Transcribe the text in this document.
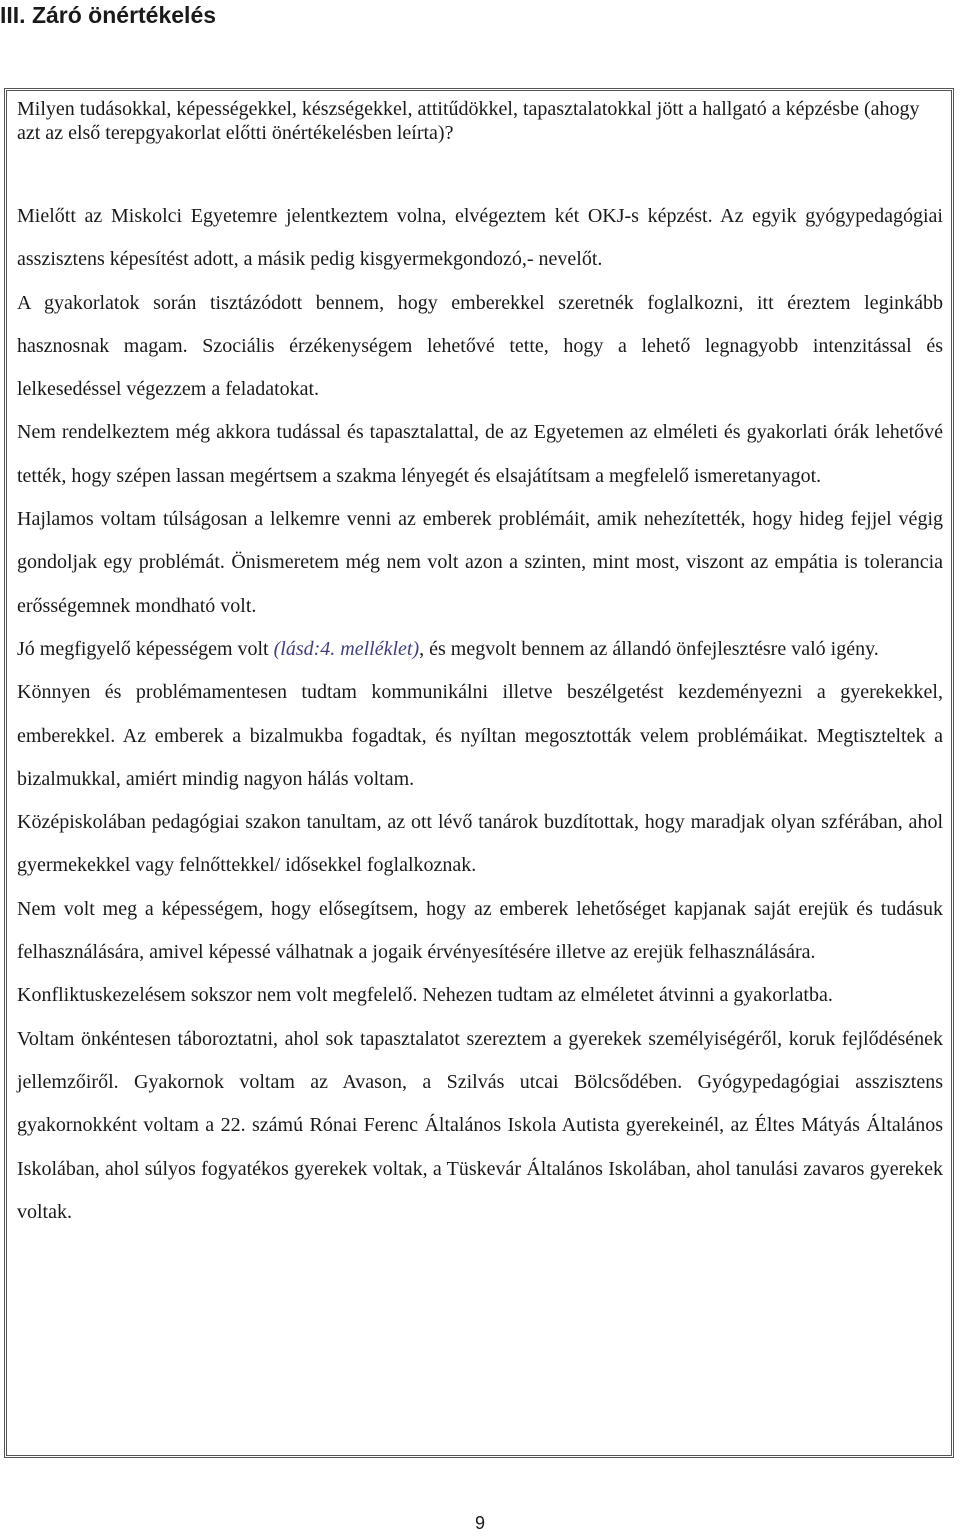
III. Záró önértékelés

Milyen tudásokkal, képességekkel, készségekkel, attitűdökkel, tapasztalatokkal jött a hallgató a képzésbe (ahogy azt az első terepgyakorlat előtti önértékelésben leírta)?

Mielőtt az Miskolci Egyetemre jelentkeztem volna, elvégeztem két OKJ-s képzést. Az egyik gyógypedagógiai asszisztens képesítést adott, a másik pedig kisgyermekgondozó,- nevelőt.

A gyakorlatok során tisztázódott bennem, hogy emberekkel szeretnék foglalkozni, itt éreztem leginkább hasznosnak magam. Szociális érzékenységem lehetővé tette, hogy a lehető legnagyobb intenzitással és lelkesedéssel végezzem a feladatokat.

Nem rendelkeztem még akkora tudással és tapasztalattal, de az Egyetemen az elméleti és gyakorlati órák lehetővé tették, hogy szépen lassan megértsem a szakma lényegét és elsajátítsam a megfelelő ismeretanyagot.

Hajlamos voltam túlságosan a lelkemre venni az emberek problémáit, amik nehezítették, hogy hideg fejjel végig gondoljak egy problémát. Önismeretem még nem volt azon a szinten, mint most, viszont az empátia is tolerancia erősségemnek mondható volt.

Jó megfigyelő képességem volt (lásd:4. melléklet), és megvolt bennem az állandó önfejlesztésre való igény.

Könnyen és problémamentesen tudtam kommunikálni illetve beszélgetést kezdeményezni a gyerekekkel, emberekkel. Az emberek a bizalmukba fogadtak, és nyíltan megosztották velem problémáikat. Megtiszteltek a bizalmukkal, amiért mindig nagyon hálás voltam.

Középiskolában pedagógiai szakon tanultam, az ott lévő tanárok buzdítottak, hogy maradjak olyan szférában, ahol gyermekekkel vagy felnőttekkel/ idősekkel foglalkoznak.

Nem volt meg a képességem, hogy elősegítsem, hogy az emberek lehetőséget kapjanak saját erejük és tudásuk felhasználására, amivel képessé válhatnak a jogaik érvényesítésére illetve az erejük felhasználására.

Konfliktuskezelésem sokszor nem volt megfelelő. Nehezen tudtam az elméletet átvinni a gyakorlatba.

Voltam önkéntesen táboroztatni, ahol sok tapasztalatot szereztem a gyerekek személyiségéről, koruk fejlődésének jellemzőiről. Gyakornok voltam az Avason, a Szilvás utcai Bölcsődében. Gyógypedagógiai asszisztens gyakornokként voltam a 22. számú Rónai Ferenc Általános Iskola Autista gyerekeinél, az Éltes Mátyás Általános Iskolában, ahol súlyos fogyatékos gyerekek voltak, a Tüskevár Általános Iskolában, ahol tanulási zavaros gyerekek voltak.

9
